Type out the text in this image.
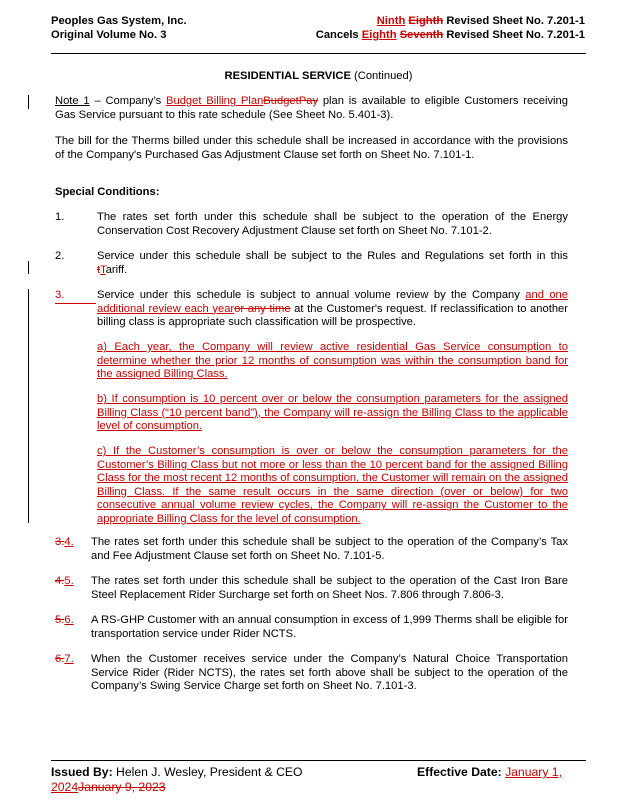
Peoples Gas System, Inc.
Original Volume No. 3
Ninth Eighth Revised Sheet No. 7.201-1
Cancels Eighth Seventh Revised Sheet No. 7.201-1
RESIDENTIAL SERVICE (Continued)
Note 1 – Company’s Budget Billing PlanBudgetPay plan is available to eligible Customers receiving Gas Service pursuant to this rate schedule (See Sheet No. 5.401-3).
The bill for the Therms billed under this schedule shall be increased in accordance with the provisions of the Company's Purchased Gas Adjustment Clause set forth on Sheet No. 7.101-1.
Special Conditions:
1.	The rates set forth under this schedule shall be subject to the operation of the Energy Conservation Cost Recovery Adjustment Clause set forth on Sheet No. 7.101-2.
2.	Service under this schedule shall be subject to the Rules and Regulations set forth in this tTariff.
3.	Service under this schedule is subject to annual volume review by the Company and one additional review each yearor any time at the Customer's request. If reclassification to another billing class is appropriate such classification will be prospective.
a) Each year, the Company will review active residential Gas Service consumption to determine whether the prior 12 months of consumption was within the consumption band for the assigned Billing Class.
b) If consumption is 10 percent over or below the consumption parameters for the assigned Billing Class (“10 percent band”), the Company will re-assign the Billing Class to the applicable level of consumption.
c) If the Customer’s consumption is over or below the consumption parameters for the Customer’s Billing Class but not more or less than the 10 percent band for the assigned Billing Class for the most recent 12 months of consumption, the Customer will remain on the assigned Billing Class. If the same result occurs in the same direction (over or below) for two consecutive annual volume review cycles, the Company will re-assign the Customer to the appropriate Billing Class for the level of consumption.
3.4.	The rates set forth under this schedule shall be subject to the operation of the Company’s Tax and Fee Adjustment Clause set forth on Sheet No. 7.101-5.
4.5.	The rates set forth under this schedule shall be subject to the operation of the Cast Iron Bare Steel Replacement Rider Surcharge set forth on Sheet Nos. 7.806 through 7.806-3.
5.6.	A RS-GHP Customer with an annual consumption in excess of 1,999 Therms shall be eligible for transportation service under Rider NCTS.
6.7.	When the Customer receives service under the Company’s Natural Choice Transportation Service Rider (Rider NCTS), the rates set forth above shall be subject to the operation of the Company’s Swing Service Charge set forth on Sheet No. 7.101-3.
Issued By: Helen J. Wesley, President & CEO	Effective Date: January 1,
2024January 9, 2023
